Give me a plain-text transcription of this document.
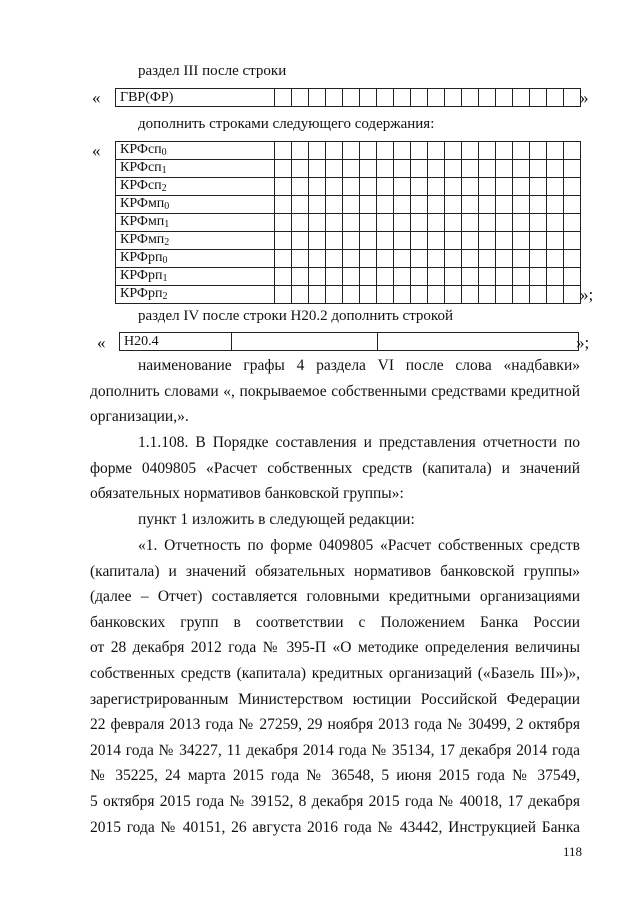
раздел III после строки
« ГВР(ФР)																			»
дополнить строками следующего содержания:
« КРФсп$_0$																		
КРФсп$_1$																		
КРФсп$_2$																		
КРФмп$_0$																		
КРФмп$_1$																		
КРФмп$_2$																		
КРФрп$_0$																		
КРФрп$_1$																		
КРФрп$_2$																			»;
раздел IV после строки Н20.2 дополнить строкой
« Н20.4			»;
наименование графы 4 раздела VI после слова «надбавки»
дополнить словами «, покрываемое собственными средствами кредитной
организации,».
1.1.108. В Порядке составления и представления отчетности по
форме 0409805 «Расчет собственных средств (капитала) и значений
обязательных нормативов банковской группы»:
пункт 1 изложить в следующей редакции:
«1. Отчетность по форме 0409805 «Расчет собственных средств
(капитала) и значений обязательных нормативов банковской группы»
(далее – Отчет) составляется головными кредитными организациями
банковских групп в соответствии с Положением Банка России
от 28 декабря 2012 года № 395-П «О методике определения величины
собственных средств (капитала) кредитных организаций («Базель III»)»,
зарегистрированным Министерством юстиции Российской Федерации
22 февраля 2013 года № 27259, 29 ноября 2013 года № 30499, 2 октября
2014 года № 34227, 11 декабря 2014 года № 35134, 17 декабря 2014 года
№ 35225, 24 марта 2015 года № 36548, 5 июня 2015 года № 37549,
5 октября 2015 года № 39152, 8 декабря 2015 года № 40018, 17 декабря
2015 года № 40151, 26 августа 2016 года № 43442, Инструкцией Банка
118
